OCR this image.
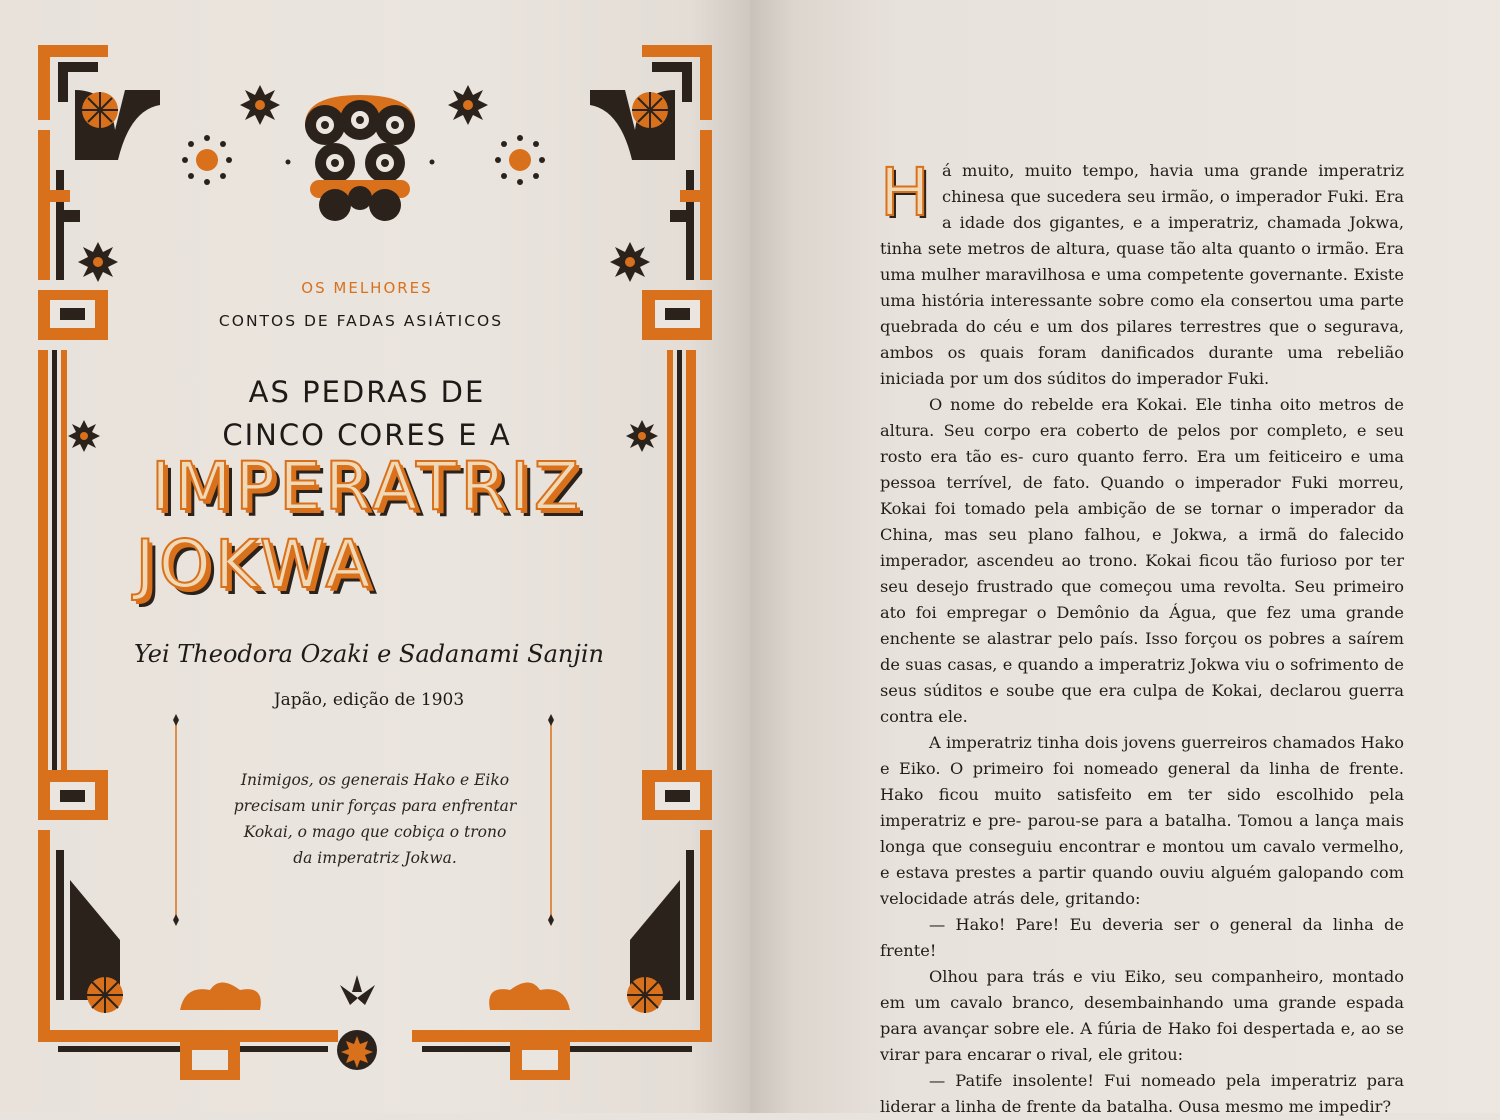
OS MELHORES
CONTOS DE FADAS ASIÁTICOS
AS PEDRAS DE
CINCO CORES E A
IMPERATRIZ
JOKWA
Yei Theodora Ozaki e Sadanami Sanjin
Japão, edição de 1903
Inimigos, os generais Hako e Eiko
precisam unir forças para enfrentar
Kokai, o mago que cobiça o trono
da imperatriz Jokwa.
H á muito, muito tempo, havia uma grande imperatriz chinesa que sucedera seu irmão, o imperador Fuki. Era a idade dos gigantes, e a imperatriz, chamada Jokwa, tinha sete metros de altura, quase tão alta quanto o irmão. Era uma mulher maravilhosa e uma competente governante. Existe uma história interessante sobre como ela consertou uma parte quebrada do céu e um dos pilares terrestres que o segurava, ambos os quais foram danificados durante uma rebelião iniciada por um dos súditos do imperador Fuki.

O nome do rebelde era Kokai. Ele tinha oito metros de altura. Seu corpo era coberto de pelos por completo, e seu rosto era tão es- curo quanto ferro. Era um feiticeiro e uma pessoa terrível, de fato. Quando o imperador Fuki morreu, Kokai foi tomado pela ambição de se tornar o imperador da China, mas seu plano falhou, e Jokwa, a irmã do falecido imperador, ascendeu ao trono. Kokai ficou tão furioso por ter seu desejo frustrado que começou uma revolta. Seu primeiro ato foi empregar o Demônio da Água, que fez uma grande enchente se alastrar pelo país. Isso forçou os pobres a saírem de suas casas, e quando a imperatriz Jokwa viu o sofrimento de seus súditos e soube que era culpa de Kokai, declarou guerra contra ele.

A imperatriz tinha dois jovens guerreiros chamados Hako e Eiko. O primeiro foi nomeado general da linha de frente. Hako ficou muito satisfeito em ter sido escolhido pela imperatriz e pre- parou-se para a batalha. Tomou a lança mais longa que conseguiu encontrar e montou um cavalo vermelho, e estava prestes a partir quando ouviu alguém galopando com velocidade atrás dele, gritando:

— Hako! Pare! Eu deveria ser o general da linha de frente!

Olhou para trás e viu Eiko, seu companheiro, montado em um cavalo branco, desembainhando uma grande espada para avançar sobre ele. A fúria de Hako foi despertada e, ao se virar para encarar o rival, ele gritou:

— Patife insolente! Fui nomeado pela imperatriz para liderar a linha de frente da batalha. Ousa mesmo me impedir?
